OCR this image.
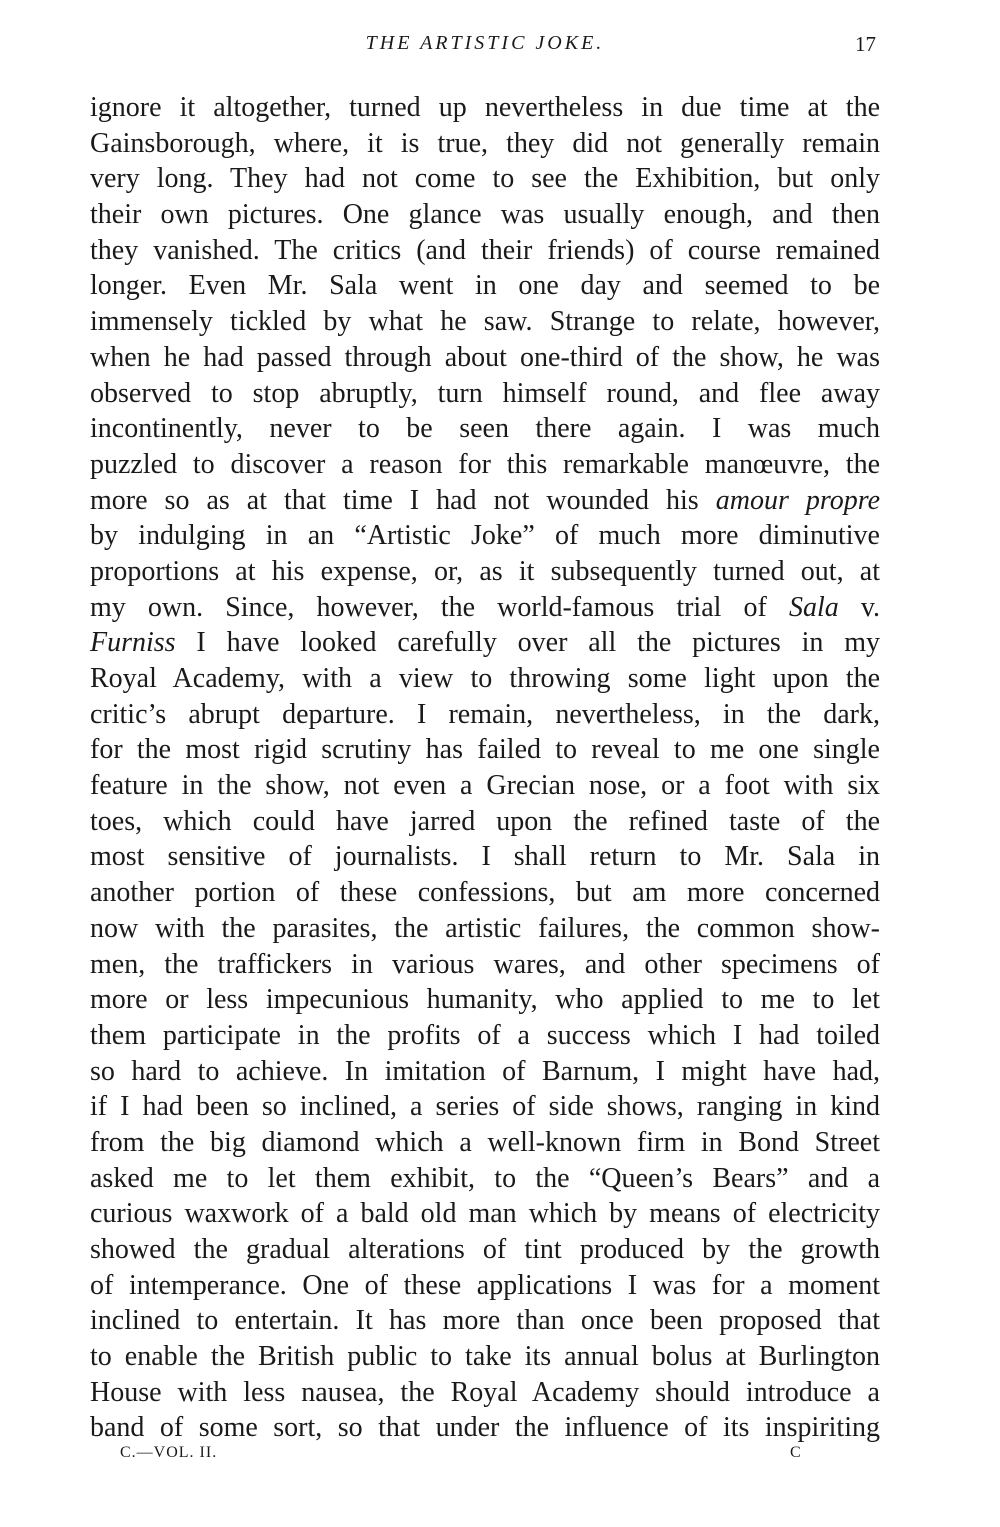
THE ARTISTIC JOKE.	17
ignore it altogether, turned up nevertheless in due time at the
Gainsborough, where, it is true, they did not generally remain
very long. They had not come to see the Exhibition, but only
their own pictures. One glance was usually enough, and then
they vanished. The critics (and their friends) of course remained
longer. Even Mr. Sala went in one day and seemed to be
immensely tickled by what he saw. Strange to relate, however,
when he had passed through about one-third of the show, he was
observed to stop abruptly, turn himself round, and flee away
incontinently, never to be seen there again. I was much
puzzled to discover a reason for this remarkable manœuvre, the
more so as at that time I had not wounded his amour propre
by indulging in an “Artistic Joke” of much more diminutive
proportions at his expense, or, as it subsequently turned out, at
my own. Since, however, the world-famous trial of Sala v.
Furniss I have looked carefully over all the pictures in my
Royal Academy, with a view to throwing some light upon the
critic’s abrupt departure. I remain, nevertheless, in the dark,
for the most rigid scrutiny has failed to reveal to me one single
feature in the show, not even a Grecian nose, or a foot with six
toes, which could have jarred upon the refined taste of the
most sensitive of journalists. I shall return to Mr. Sala in
another portion of these confessions, but am more concerned
now with the parasites, the artistic failures, the common show-
men, the traffickers in various wares, and other specimens of
more or less impecunious humanity, who applied to me to let
them participate in the profits of a success which I had toiled
so hard to achieve. In imitation of Barnum, I might have had,
if I had been so inclined, a series of side shows, ranging in kind
from the big diamond which a well-known firm in Bond Street
asked me to let them exhibit, to the “Queen’s Bears” and a
curious waxwork of a bald old man which by means of electricity
showed the gradual alterations of tint produced by the growth
of intemperance. One of these applications I was for a moment
inclined to entertain. It has more than once been proposed that
to enable the British public to take its annual bolus at Burlington
House with less nausea, the Royal Academy should introduce a
band of some sort, so that under the influence of its inspiriting
C.—VOL. II.	C
